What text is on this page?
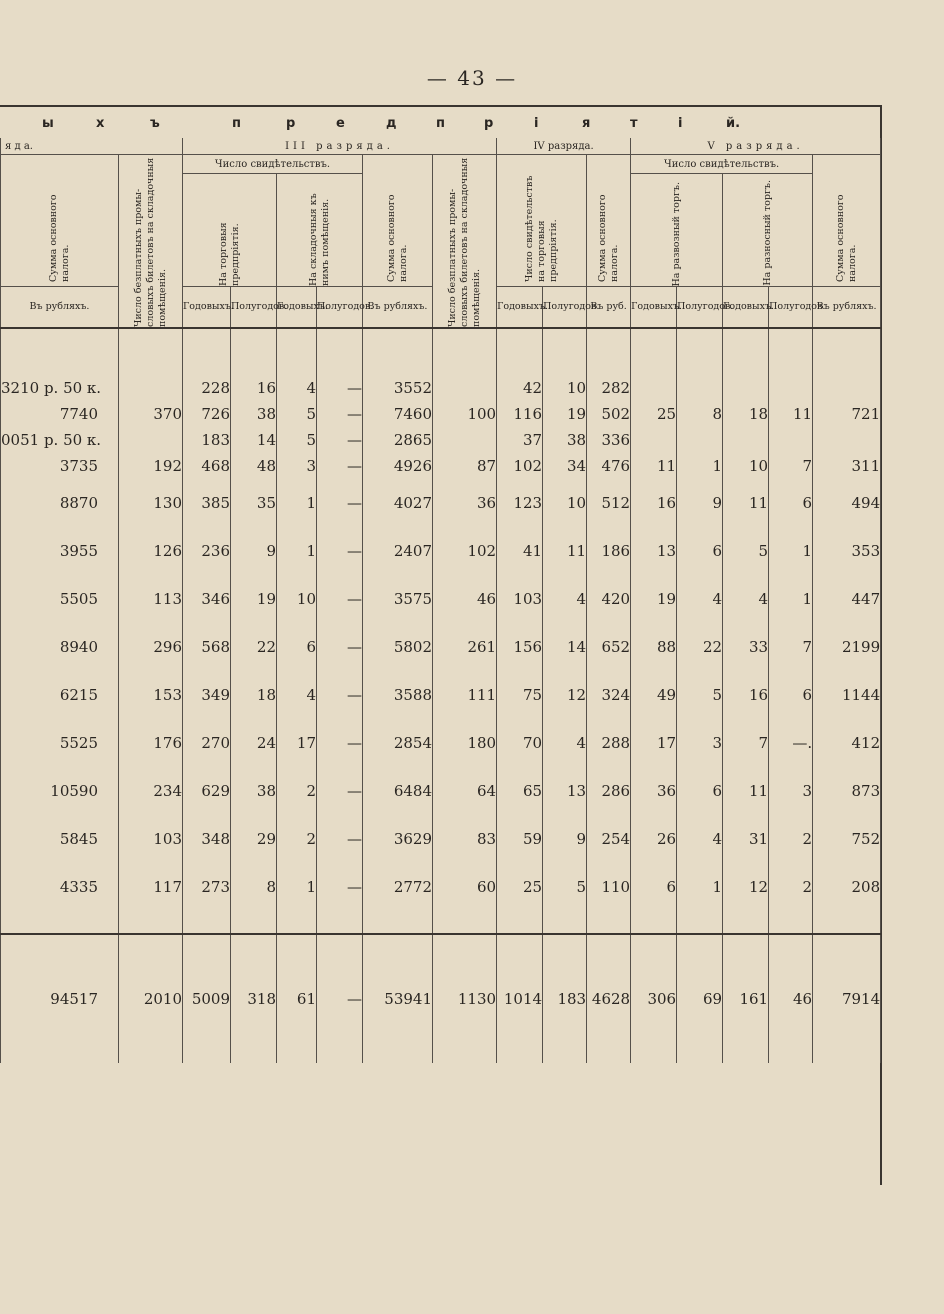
— 43 —
ы	х	ъ	п	р	е	д	п	р	і	я	т	і	й.
я д а.		III разряда.						IV разряда.			V разряда.				

Сумма основного налога.	Число безплатныхъ промысловыхъ билетовъ на складочныя помѣщенія.	Число свидѣтельствъ.				Сумма основного налога.	Число безплатныхъ промысловыхъ билетовъ на складочныя помѣщенія.	Число свидѣтельствъ на торговыя предпріятія.		Сумма основного налога.	Число свидѣтельствъ.				Сумма основного налога.

		На торговыя предпріятія.		На складочныя къ нимъ помѣщенія.							На развозный торгъ.		На разносный торгъ.		

Въ рубляхъ.		Годовыхъ.	Полугодов.	Годовыхъ.	Полугодов.	Въ рубляхъ.		Годовыхъ.	Полугодов.	Въ руб.	Годовыхъ.	Полугодов.	Годовыхъ.	Полугодов.	Въ рубляхъ.

3210 р. 50 к.		228	16	4	—	3552		42	10	282					
7740	370	726	38	5	—	7460	100	116	19	502	25	8	18	11	721
0051 р. 50 к.		183	14	5	—	2865		37	38	336					
3735	192	468	48	3	—	4926	87	102	34	476	11	1	10	7	311
8870	130	385	35	1	—	4027	36	123	10	512	16	9	11	6	494
3955	126	236	9	1	—	2407	102	41	11	186	13	6	5	1	353
5505	113	346	19	10	—	3575	46	103	4	420	19	4	4	1	447
8940	296	568	22	6	—	5802	261	156	14	652	88	22	33	7	2199
6215	153	349	18	4	—	3588	111	75	12	324	49	5	16	6	1144
5525	176	270	24	17	—	2854	180	70	4	288	17	3	7	—.	412
10590	234	629	38	2	—	6484	64	65	13	286	36	6	11	3	873
5845	103	348	29	2	—	3629	83	59	9	254	26	4	31	2	752
4335	117	273	8	1	—	2772	60	25	5	110	6	1	12	2	208

94517	2010	5009	318	61	—	53941	1130	1014	183	4628	306	69	161	46	7914
